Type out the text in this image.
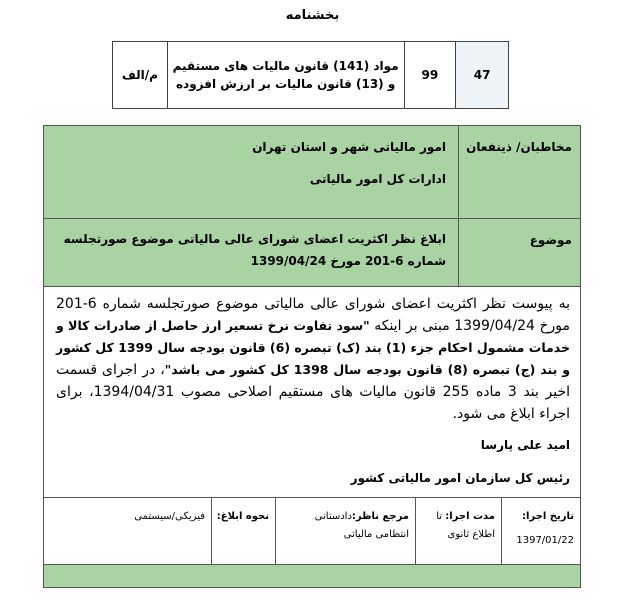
بخشنامه
م/الف
مواد (141) قانون مالیات های مستقیم و (13) قانون مالیات بر ارزش افزوده
99	47
مخاطبان/ ذینفعان
امور مالیاتی شهر و استان تهران
ادارات کل امور مالیاتی
موضوع
ابلاغ نظر اکثریت اعضای شورای عالی مالیاتی موضوع صورتجلسه شماره 6-201 مورخ 1399/04/24
به پیوست نظر اکثریت اعضای شورای عالی مالیاتی موضوع صورتجلسه شماره 6-201 مورخ 1399/04/24 مبنی بر اینکه "سود تفاوت نرخ تسعیر ارز حاصل از صادرات کالا و خدمات مشمول احکام جزء (1) بند (ک) تبصره (6) قانون بودجه سال 1399 کل کشور و بند (ج) تبصره (8) قانون بودجه سال 1398 کل کشور می باشد"، در اجرای قسمت اخیر بند 3 ماده 255 قانون مالیات های مستقیم اصلاحی مصوب 1394/04/31، برای اجراء ابلاغ می شود.
امید علی پارسا
رئیس کل سازمان امور مالیاتی کشور
تاریخ اجرا:
1397/01/22
مدت اجرا: تا اطلاع ثانوی
مرجع ناظر:دادستانی انتظامی مالیاتی
نحوه ابلاغ:
فیزیکی/سیستمی
